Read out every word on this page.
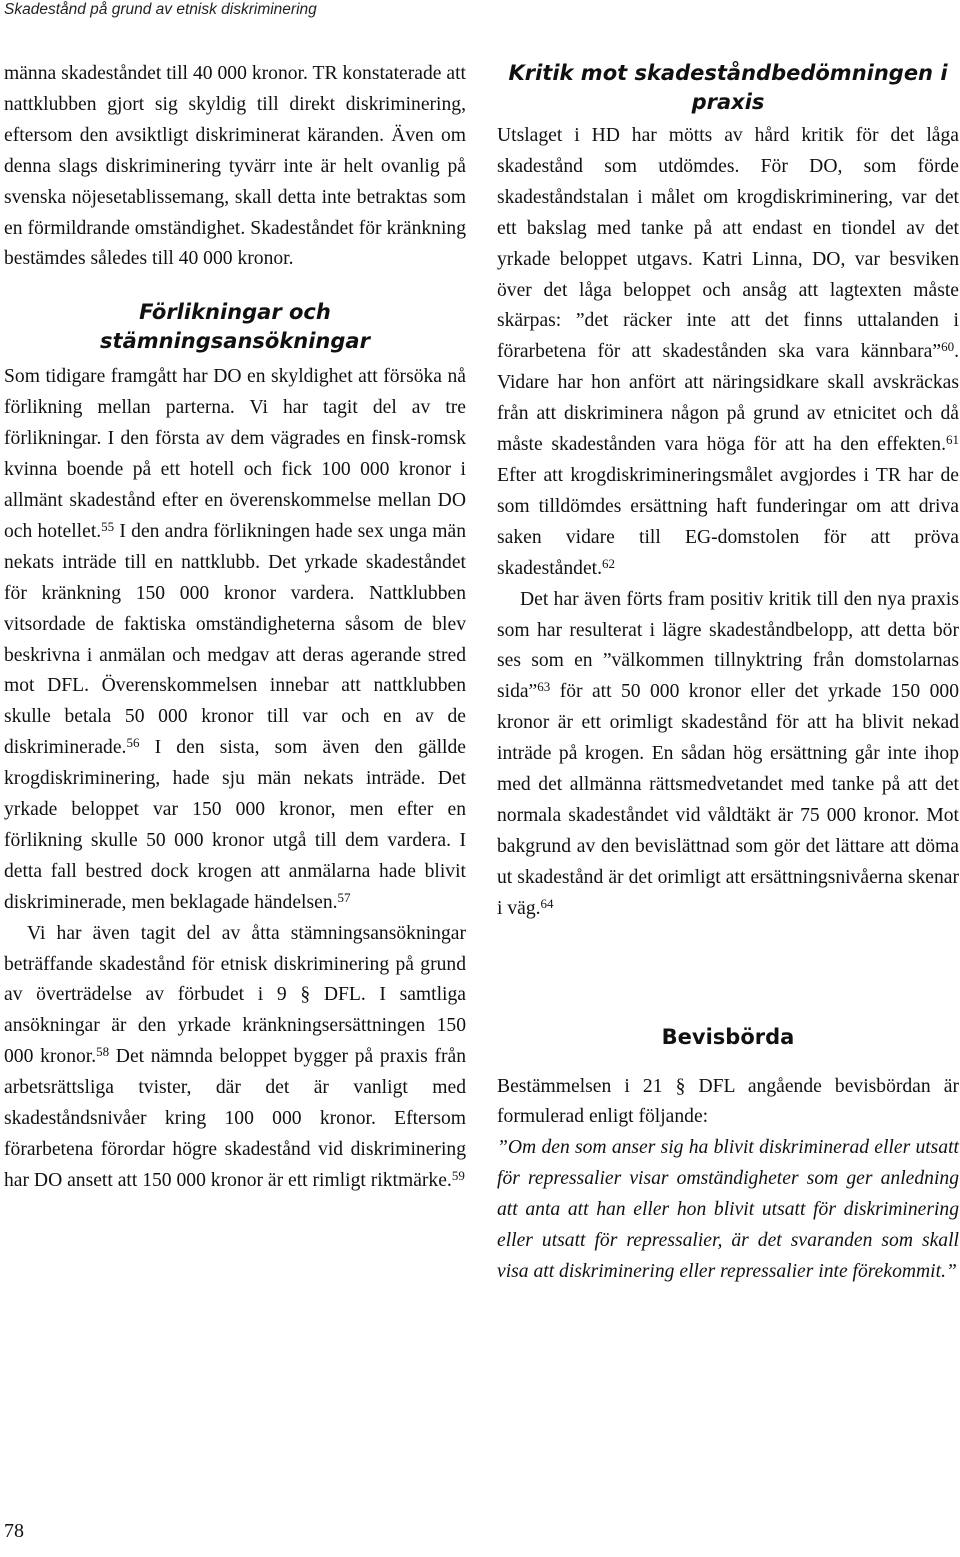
Skadestånd på grund av etnisk diskriminering

männa skadeståndet till 40 000 kronor. TR konstaterade att nattklubben gjort sig skyldig till direkt diskriminering, eftersom den avsiktligt diskriminerat käranden. Även om denna slags diskriminering tyvärr inte är helt ovanlig på svenska nöjesetablissemang, skall detta inte betraktas som en förmildrande omständighet. Skadeståndet för kränkning bestämdes således till 40 000 kronor.

Förlikningar och stämningsansökningar

Som tidigare framgått har DO en skyldighet att försöka nå förlikning mellan parterna. Vi har tagit del av tre förlikningar. I den första av dem vägrades en finsk-romsk kvinna boende på ett hotell och fick 100 000 kronor i allmänt skadestånd efter en överenskommelse mellan DO och hotellet.$^{55}$ I den andra förlikningen hade sex unga män nekats inträde till en nattklubb. Det yrkade skadeståndet för kränkning 150 000 kronor vardera. Nattklubben vitsordade de faktiska omständigheterna såsom de blev beskrivna i anmälan och medgav att deras agerande stred mot DFL. Överenskommelsen innebar att nattklubben skulle betala 50 000 kronor till var och en av de diskriminerade.$^{56}$ I den sista, som även den gällde krogdiskriminering, hade sju män nekats inträde. Det yrkade beloppet var 150 000 kronor, men efter en förlikning skulle 50 000 kronor utgå till dem vardera. I detta fall bestred dock krogen att anmälarna hade blivit diskriminerade, men beklagade händelsen.$^{57}$

Vi har även tagit del av åtta stämningsansökningar beträffande skadestånd för etnisk diskriminering på grund av överträdelse av förbudet i 9 § DFL. I samtliga ansökningar är den yrkade kränkningsersättningen 150 000 kronor.$^{58}$ Det nämnda beloppet bygger på praxis från arbetsrättsliga tvister, där det är vanligt med skadeståndsnivåer kring 100 000 kronor. Eftersom förarbetena förordar högre skadestånd vid diskriminering har DO ansett att 150 000 kronor är ett rimligt riktmärke.$^{59}$

Kritik mot skadeståndbedömningen i praxis

Utslaget i HD har mötts av hård kritik för det låga skadestånd som utdömdes. För DO, som förde skadeståndstalan i målet om krogdiskriminering, var det ett bakslag med tanke på att endast en tiondel av det yrkade beloppet utgavs. Katri Linna, DO, var besviken över det låga beloppet och ansåg att lagtexten måste skärpas: ”det räcker inte att det finns uttalanden i förarbetena för att skadestånden ska vara kännbara”$^{60}$. Vidare har hon anfört att näringsidkare skall avskräckas från att diskriminera någon på grund av etnicitet och då måste skadestånden vara höga för att ha den effekten.$^{61}$ Efter att krogdiskrimineringsmålet avgjordes i TR har de som tilldömdes ersättning haft funderingar om att driva saken vidare till EG-domstolen för att pröva skadeståndet.$^{62}$

Det har även förts fram positiv kritik till den nya praxis som har resulterat i lägre skadeståndbelopp, att detta bör ses som en ”välkommen tillnyktring från domstolarnas sida”$^{63}$ för att 50 000 kronor eller det yrkade 150 000 kronor är ett orimligt skadestånd för att ha blivit nekad inträde på krogen. En sådan hög ersättning går inte ihop med det allmänna rättsmedvetandet med tanke på att det normala skadeståndet vid våldtäkt är 75 000 kronor. Mot bakgrund av den bevislättnad som gör det lättare att döma ut skadestånd är det orimligt att ersättningsnivåerna skenar i väg.$^{64}$

Bevisbörda

Bestämmelsen i 21 § DFL angående bevisbördan är formulerad enligt följande:

”Om den som anser sig ha blivit diskriminerad eller utsatt för repressalier visar omständigheter som ger anledning att anta att han eller hon blivit utsatt för diskriminering eller utsatt för repressalier, är det svaranden som skall visa att diskriminering eller repressalier inte förekommit.”

78
